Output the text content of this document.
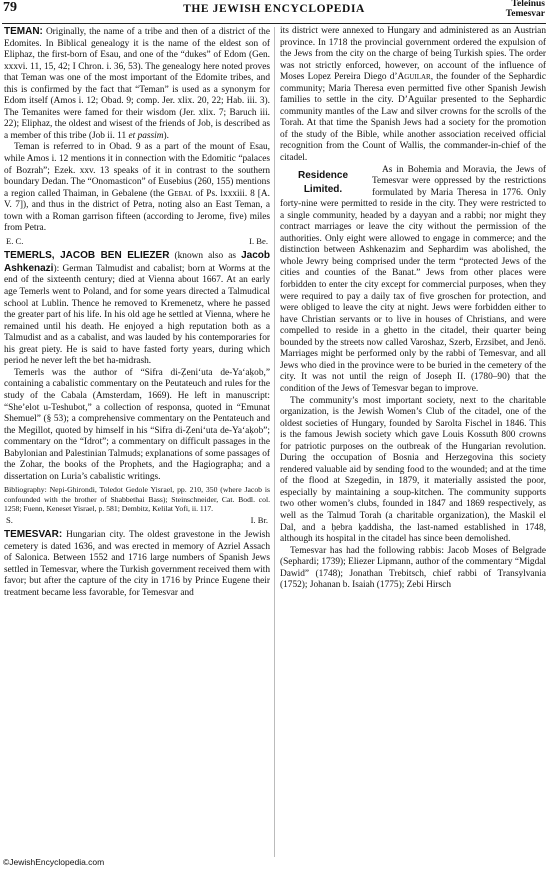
79	THE JEWISH ENCYCLOPEDIA	Teleinus
Temesvar

TEMAN: Originally, the name of a tribe and then of a district of the Edomites. In Biblical genealogy it is the name of the eldest son of Eliphaz, the first-born of Esau, and one of the “dukes” of Edom (Gen. xxxvi. 11, 15, 42; I Chron. i. 36, 53). The genealogy here noted proves that Teman was one of the most important of the Edomite tribes, and this is confirmed by the fact that “Teman” is used as a synonym for Edom itself (Amos i. 12; Obad. 9; comp. Jer. xlix. 20, 22; Hab. iii. 3). The Temanites were famed for their wisdom (Jer. xlix. 7; Baruch iii. 22); Eliphaz, the oldest and wisest of the friends of Job, is described as a member of this tribe (Job ii. 11 et passim).

Teman is referred to in Obad. 9 as a part of the mount of Esau, while Amos i. 12 mentions it in connection with the Edomitic “palaces of Bozrah”; Ezek. xxv. 13 speaks of it in contrast to the southern boundary Dedan. The “Onomasticon” of Eusebius (260, 155) mentions a region called Thaiman, in Gebalene (the Gebal of Ps. lxxxiii. 8 [A. V. 7]), and thus in the district of Petra, noting also an East Teman, a town with a Roman garrison fifteen (according to Jerome, five) miles from Petra.

E. C.	I. Be.

TEMERLS, JACOB BEN ELIEZER (known also as Jacob Ashkenazi): German Talmudist and cabalist; born at Worms at the end of the sixteenth century; died at Vienna about 1667. At an early age Temerls went to Poland, and for some years directed a Talmudical school at Lublin. Thence he removed to Kremenetz, where he passed the greater part of his life. In his old age he settled at Vienna, where he remained until his death. He enjoyed a high reputation both as a Talmudist and as a cabalist, and was lauded by his contemporaries for his great piety. He is said to have fasted forty years, during which period he never left the bet ha-midrash.

Temerls was the author of “Sifra di-Ẓeni‘uta de-Ya‘aḳob,” containing a cabalistic commentary on the Peutateuch and rules for the study of the Cabala (Amsterdam, 1669). He left in manuscript: “She’elot u-Teshubot,” a collection of responsa, quoted in “Emunat Shemuel” (§ 53); a comprehensive commentary on the Pentateuch and the Megillot, quoted by himself in his “Sifra di-Ẓeni‘uta de-Ya‘aḳob”; commentary on the “Idrot”; a commentary on difficult passages in the Babylonian and Palestinian Talmuds; explanations of some passages of the Zohar, the books of the Prophets, and the Hagiographa; and a dissertation on Luria’s cabalistic writings.

Bibliography: Nepi-Ghirondi, Toledot Gedole Yisrael, pp. 210, 350 (where Jacob is confounded with the brother of Shabbethai Bass); Steinschneider, Cat. Bodl. col. 1258; Fuenn, Keneset Yisrael, p. 581; Dembitz, Kelilat Yofi, ii. 117.

S.	I. Br.

TEMESVAR: Hungarian city. The oldest gravestone in the Jewish cemetery is dated 1636, and was erected in memory of Azriel Assach of Salonica. Between 1552 and 1716 large numbers of Spanish Jews settled in Temesvar, where the Turkish government received them with favor; but after the capture of the city in 1716 by Prince Eugene their treatment became less favorable, for Temesvar and

its district were annexed to Hungary and administered as an Austrian province. In 1718 the provincial government ordered the expulsion of the Jews from the city on the charge of being Turkish spies. The order was not strictly enforced, however, on account of the influence of Moses Lopez Pereira Diego d’Aguilar, the founder of the Sephardic community; Maria Theresa even permitted five other Spanish Jewish families to settle in the city. D’Aguilar presented to the Sephardic community mantles of the Law and silver crowns for the scrolls of the Torah. At that time the Spanish Jews had a society for the promotion of the study of the Bible, while another association received official recognition from the Count of Wallis, the commander-in-chief of the citadel.

Residence
Limited.

As in Bohemia and Moravia, the Jews of Temesvar were oppressed by the restrictions formulated by Maria Theresa in 1776. Only forty-nine were permitted to reside in the city. They were restricted to a single community, headed by a dayyan and a rabbi; nor might they contract marriages or leave the city without the permission of the authorities. Only eight were allowed to engage in commerce; and the distinction between Ashkenazim and Sephardim was abolished, the whole Jewry being comprised under the term “protected Jews of the cities and counties of the Banat.” Jews from other places were forbidden to enter the city except for commercial purposes, when they were required to pay a daily tax of five groschen for protection, and were obliged to leave the city at night. Jews were forbidden either to have Christian servants or to live in houses of Christians, and were compelled to reside in a ghetto in the citadel, their quarter being bounded by the streets now called Varoshaz, Szerb, Erzsibet, and Jenö. Marriages might be performed only by the rabbi of Temesvar, and all Jews who died in the province were to be buried in the cemetery of the city. It was not until the reign of Joseph II. (1780–90) that the condition of the Jews of Temesvar began to improve.

The community’s most important society, next to the charitable organization, is the Jewish Women’s Club of the citadel, one of the oldest societies of Hungary, founded by Sarolta Fischel in 1846. This is the famous Jewish society which gave Louis Kossuth 800 crowns for patriotic purposes on the outbreak of the Hungarian revolution. During the occupation of Bosnia and Herzegovina this society rendered valuable aid by sending food to the wounded; and at the time of the flood at Szegedin, in 1879, it materially assisted the poor, especially by maintaining a soup-kitchen. The community supports two other women’s clubs, founded in 1847 and 1869 respectively, as well as the Talmud Torah (a charitable organization), the Maskil el Dal, and a ḥebra ḳaddisha, the last-named established in 1748, although its hospital in the citadel has since been demolished.

Temesvar has had the following rabbis: Jacob Moses of Belgrade (Sephardi; 1739); Eliezer Lipmann, author of the commentary “Migdal Dawid” (1748); Jonathan Trebitsch, chief rabbi of Transylvania (1752); Johanan b. Isaiah (1775); Zebi Hirsch

©JewishEncyclopedia.com
